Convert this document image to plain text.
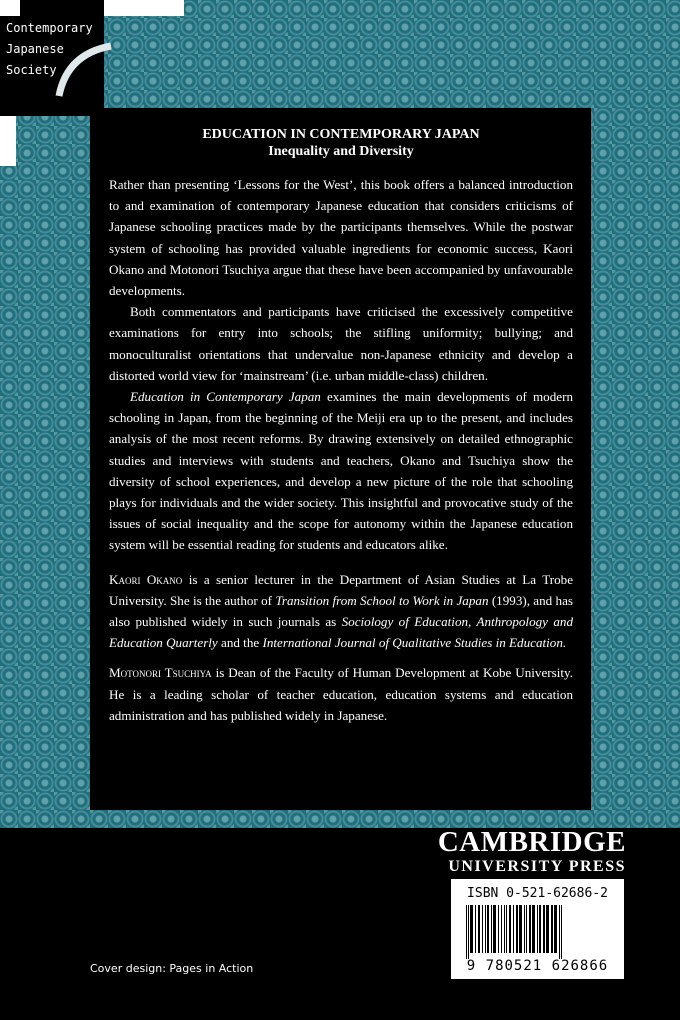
Contemporary
Japanese
Society
EDUCATION IN CONTEMPORARY JAPAN
Inequality and Diversity

Rather than presenting ‘Lessons for the West’, this book offers a balanced introduction to and examination of contemporary Japanese education that considers criticisms of Japanese schooling practices made by the participants themselves. While the postwar system of schooling has provided valuable ingredients for economic success, Kaori Okano and Motonori Tsuchiya argue that these have been accompanied by unfavourable developments.

Both commentators and participants have criticised the excessively competitive examinations for entry into schools; the stifling uniformity; bullying; and monoculturalist orientations that undervalue non-Japanese ethnicity and develop a distorted world view for ‘mainstream’ (i.e. urban middle-class) children.

Education in Contemporary Japan examines the main developments of modern schooling in Japan, from the beginning of the Meiji era up to the present, and includes analysis of the most recent reforms. By drawing extensively on detailed ethnographic studies and interviews with students and teachers, Okano and Tsuchiya show the diversity of school experiences, and develop a new picture of the role that schooling plays for individuals and the wider society. This insightful and provocative study of the issues of social inequality and the scope for autonomy within the Japanese education system will be essential reading for students and educators alike.

Kaori Okano is a senior lecturer in the Department of Asian Studies at La Trobe University. She is the author of Transition from School to Work in Japan (1993), and has also published widely in such journals as Sociology of Education, Anthropology and Education Quarterly and the International Journal of Qualitative Studies in Education.

Motonori Tsuchiya is Dean of the Faculty of Human Development at Kobe University. He is a leading scholar of teacher education, education systems and education administration and has published widely in Japanese.

CAMBRIDGE
UNIVERSITY PRESS
ISBN 0-521-62686-2
9 780521 626866
Cover design: Pages in Action
